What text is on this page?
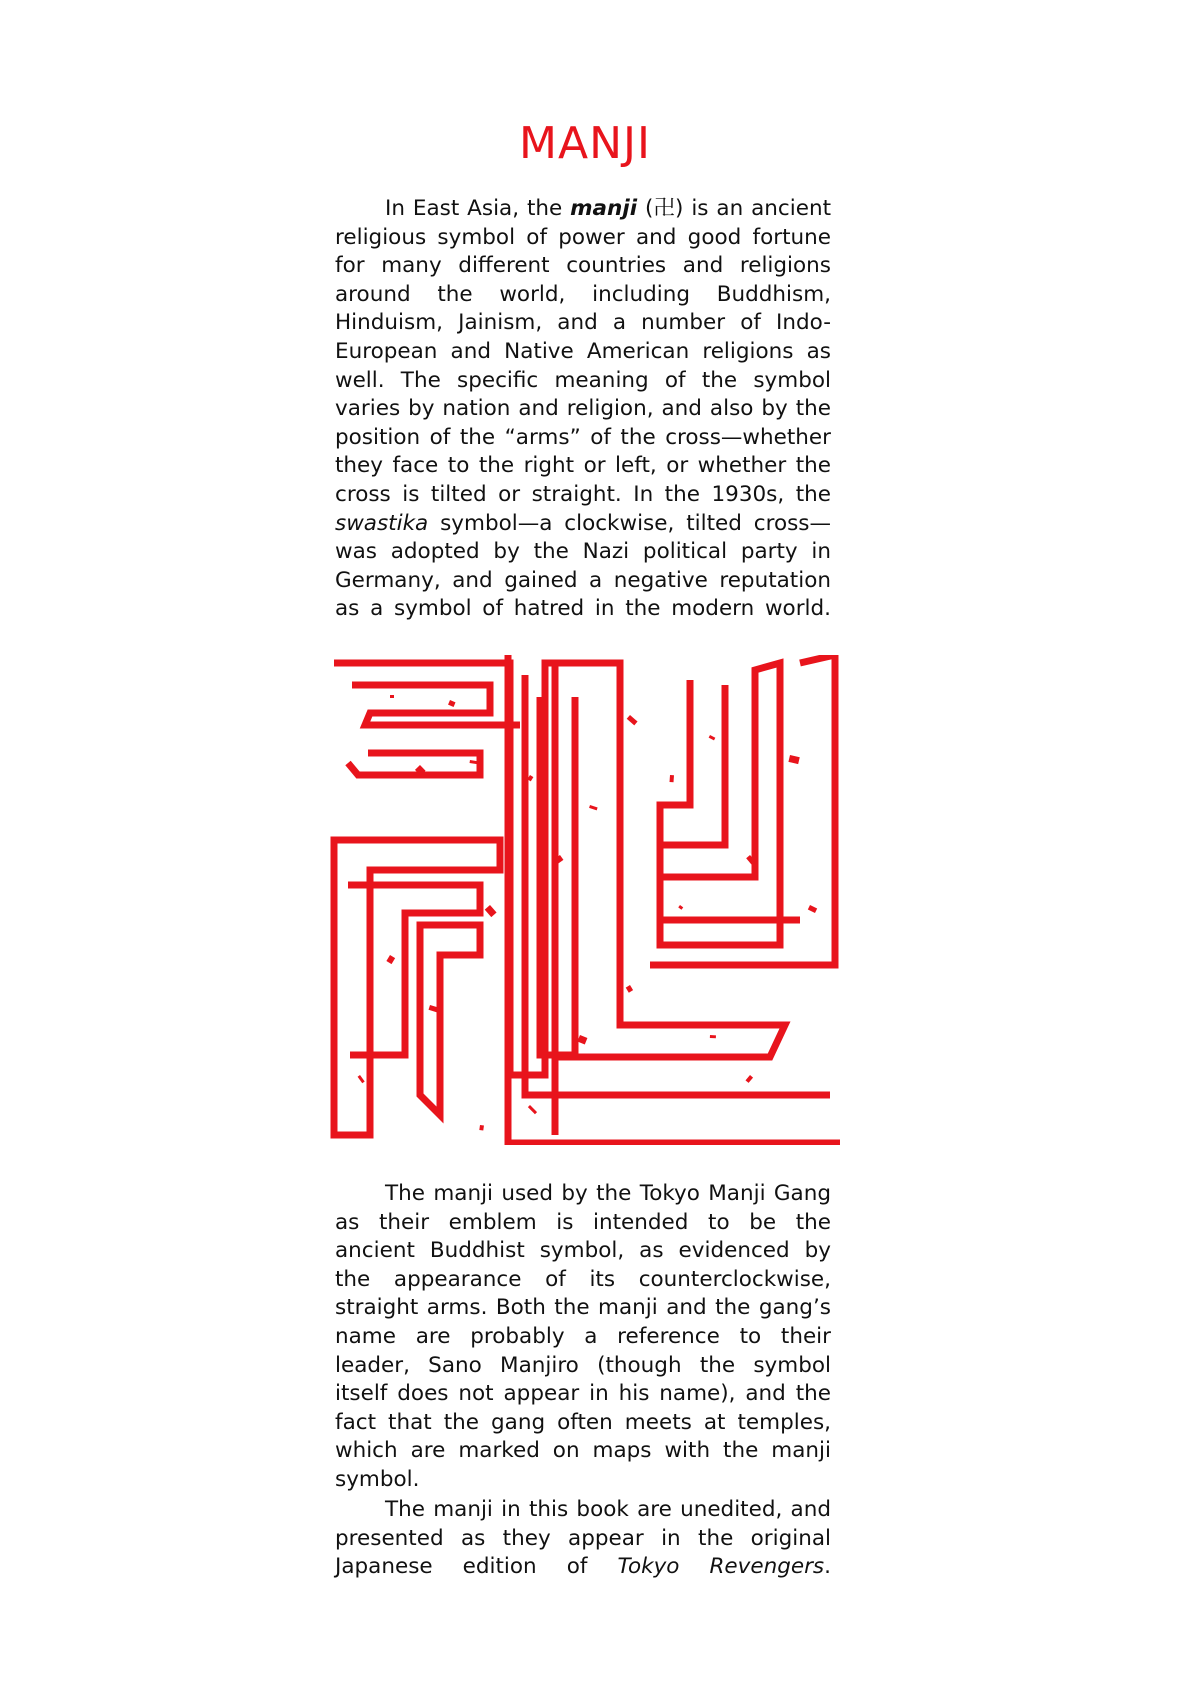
MANJI

In East Asia, the manji (卍) is an ancient religious symbol of power and good fortune for many different countries and religions around the world, including Buddhism, Hinduism, Jainism, and a number of Indo-European and Native American religions as well. The specific meaning of the symbol varies by nation and religion, and also by the position of the “arms” of the cross—whether they face to the right or left, or whether the cross is tilted or straight. In the 1930s, the swastika symbol—a clockwise, tilted cross—was adopted by the Nazi political party in Germany, and gained a negative reputation as a symbol of hatred in the modern world.

The manji used by the Tokyo Manji Gang as their emblem is intended to be the ancient Buddhist symbol, as evidenced by the appearance of its counterclockwise, straight arms. Both the manji and the gang’s name are probably a reference to their leader, Sano Manjiro (though the symbol itself does not appear in his name), and the fact that the gang often meets at temples, which are marked on maps with the manji symbol.

The manji in this book are unedited, and presented as they appear in the original Japanese edition of Tokyo Revengers.
